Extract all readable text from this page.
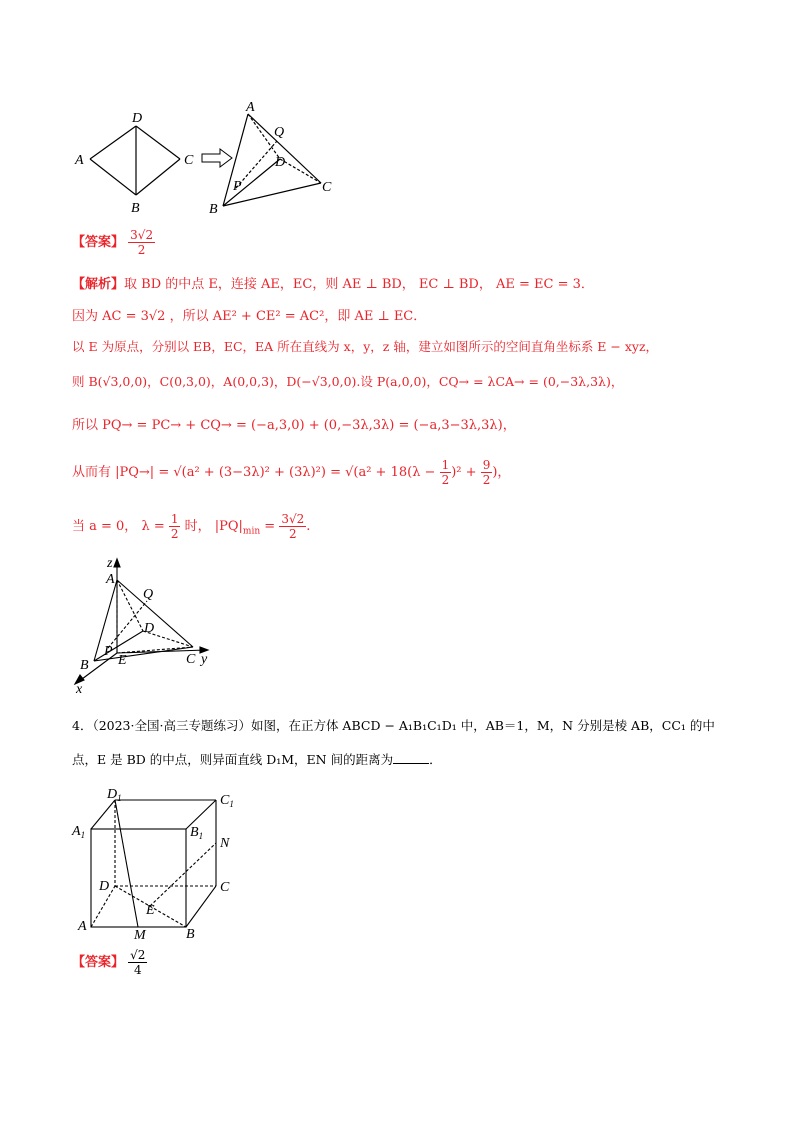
A
D
C
B
A
Q
D
P	C
B
【答案】 $\frac{3√2}{2}$
【解析】取 BD 的中点 E，连接 AE，EC，则 AE ⊥ BD， EC ⊥ BD， AE = EC = 3．
因为 AC = 3√2 ，所以 AE² + CE² = AC²，即 AE ⊥ EC．
以 E 为原点，分别以 EB，EC，EA 所在直线为 x，y，z 轴，建立如图所示的空间直角坐标系 E − xyz，
则 B(√3,0,0)，C(0,3,0)，A(0,0,3)，D(−√3,0,0).设 P(a,0,0)，CQ→ = λCA→ = (0,−3λ,3λ)，
所以 PQ→ = PC→ + CQ→ = (−a,3,0) + (0,−3λ,3λ) = (−a,3−3λ,3λ)，
从而有 $|PQ\to| = √(a^2 + (3-3\lambda)^2 + (3\lambda)^2) = √(a^2 + 18(\lambda - \frac{1}{2} )^2 + \frac{9}{2}$ )，
当 a = 0， $\lambda = \frac{1}{2}$ 时， $|PQ|_{min} = \frac{3√2}{2}$ .
z
A
Q
D
P
E
B	C y
x
4．（2023·全国·高三专题练习）如图，在正方体 ABCD − A₁B₁C₁D₁ 中，AB＝1，M，N 分别是棱 AB，CC₁ 的中
点，E 是 BD 的中点，则异面直线 D₁M，EN 间的距离为	．
$D_1$	$C_1$
$A_1$	$B_1$ N
D	C
E
A
M	B
【答案】 $\frac{√2}{4}$
